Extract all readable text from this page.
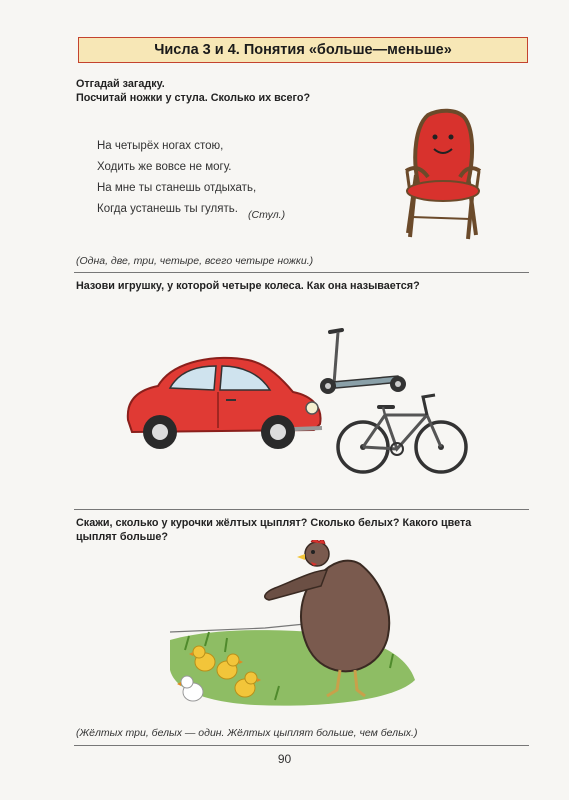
Числа 3 и 4. Понятия «больше—меньше»
Отгадай загадку.
Посчитай ножки у стула. Сколько их всего?
На четырёх ногах стою,
Ходить же вовсе не могу.
На мне ты станешь отдыхать,
Когда устанешь ты гулять. (Стул.)
(Одна, две, три, четыре, всего четыре ножки.)
Назови игрушку, у которой четыре колеса. Как она называется?
Скажи, сколько у курочки жёлтых цыплят? Сколько белых? Какого цвета
цыплят больше?
(Жёлтых три, белых — один. Жёлтых цыплят больше, чем белых.)
90
